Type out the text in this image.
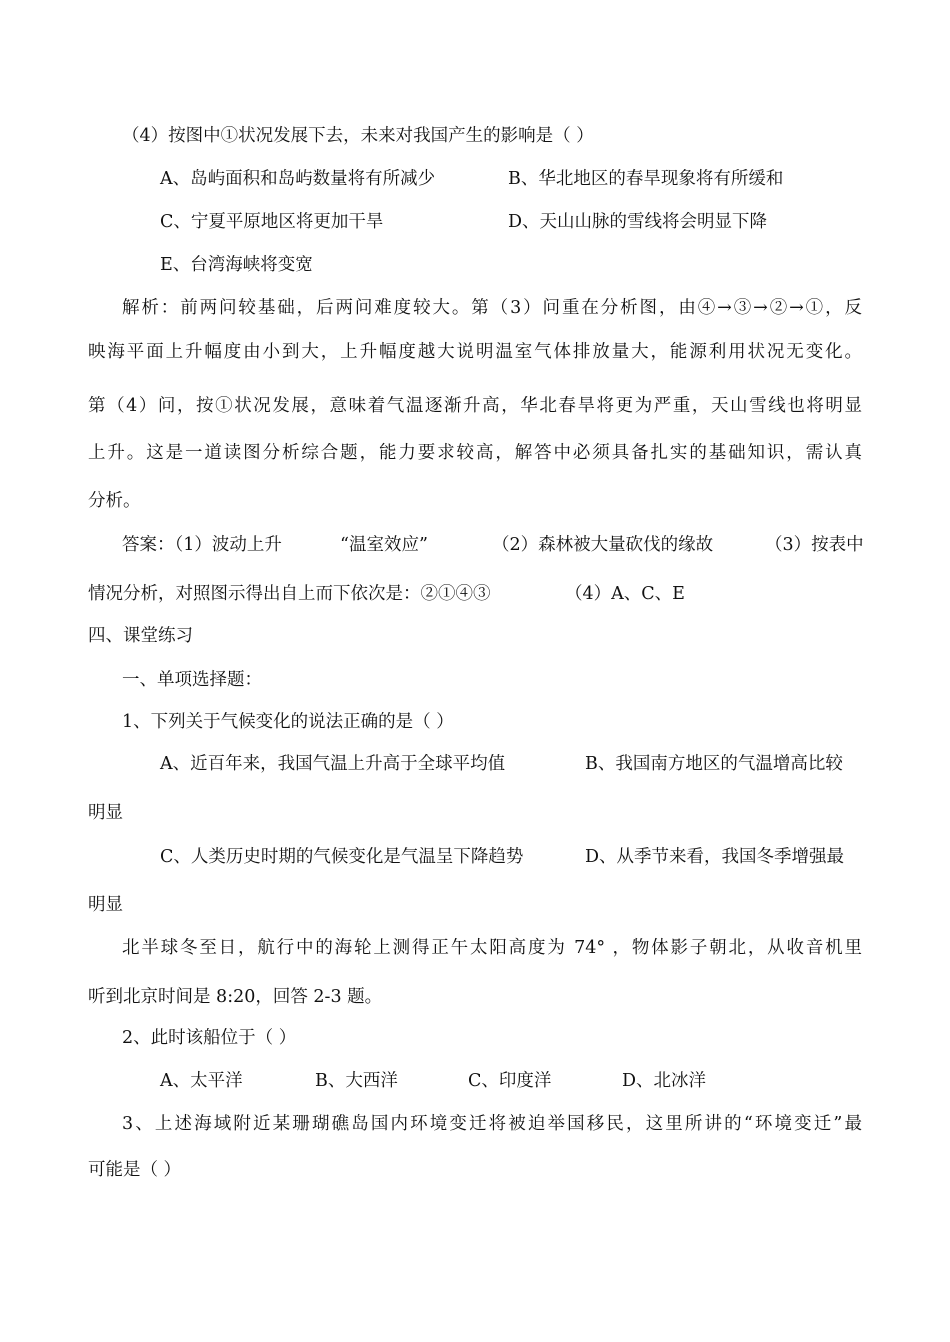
（4）按图中①状况发展下去，未来对我国产生的影响是（ ）
A、岛屿面积和岛屿数量将有所减少	B、华北地区的春旱现象将有所缓和
C、宁夏平原地区将更加干旱	D、天山山脉的雪线将会明显下降
E、台湾海峡将变宽
解析：前两问较基础，后两问难度较大。第（3）问重在分析图，由④→③→②→①，反
映海平面上升幅度由小到大，上升幅度越大说明温室气体排放量大，能源利用状况无变化。
第（4）问，按①状况发展，意味着气温逐渐升高，华北春旱将更为严重，天山雪线也将明显
上升。这是一道读图分析综合题，能力要求较高，解答中必须具备扎实的基础知识，需认真
分析。
答案：（1）波动上升	“温室效应”	（2）森林被大量砍伐的缘故	（3）按表中
情况分析，对照图示得出自上而下依次是：②①④③	（4）A、C、E
四、课堂练习
一、单项选择题：
1、下列关于气候变化的说法正确的是（ ）
A、近百年来，我国气温上升高于全球平均值	B、我国南方地区的气温增高比较
明显
C、人类历史时期的气候变化是气温呈下降趋势	D、从季节来看，我国冬季增强最
明显
北半球冬至日，航行中的海轮上测得正午太阳高度为 74° ，物体影子朝北，从收音机里
听到北京时间是 8:20，回答 2-3 题。
2、此时该船位于（ ）
A、太平洋	B、大西洋	C、印度洋	D、北冰洋
3、上述海域附近某珊瑚礁岛国内环境变迁将被迫举国移民，这里所讲的“环境变迁”最
可能是（ ）
